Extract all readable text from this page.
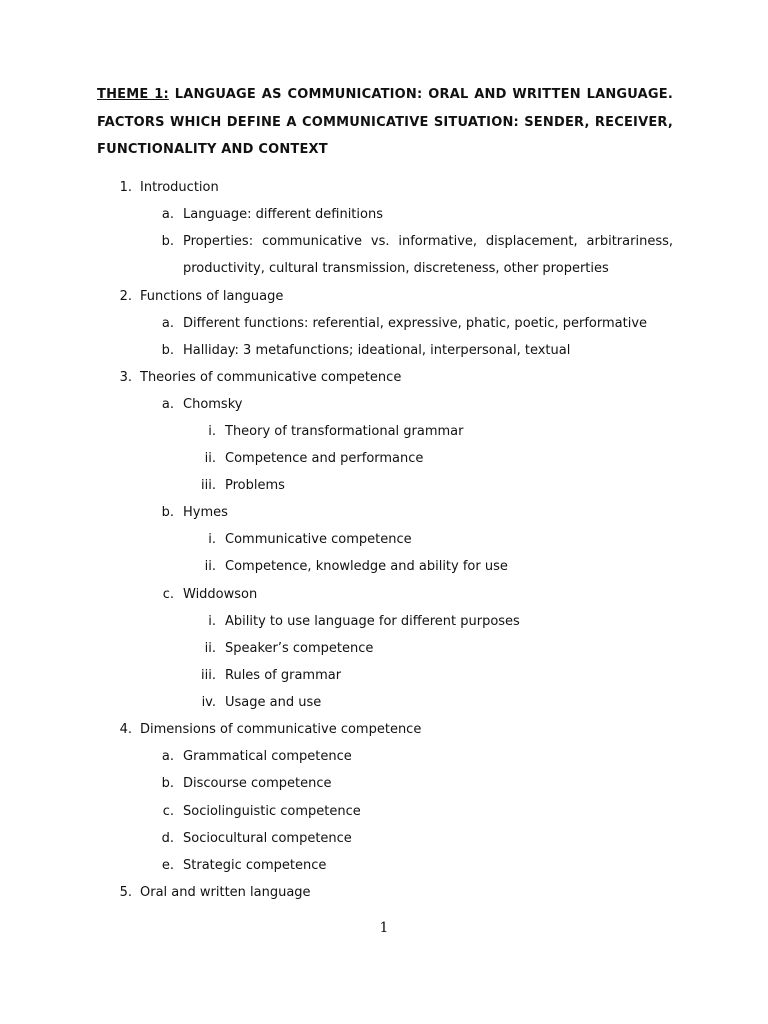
THEME 1: LANGUAGE AS COMMUNICATION: ORAL AND WRITTEN LANGUAGE.
FACTORS WHICH DEFINE A COMMUNICATIVE SITUATION: SENDER, RECEIVER,
FUNCTIONALITY AND CONTEXT
1. Introduction
a. Language: different definitions
b. Properties: communicative vs. informative, displacement, arbitrariness,
productivity, cultural transmission, discreteness, other properties
2. Functions of language
a. Different functions: referential, expressive, phatic, poetic, performative
b. Halliday: 3 metafunctions; ideational, interpersonal, textual
3. Theories of communicative competence
a. Chomsky
i. Theory of transformational grammar
ii. Competence and performance
iii. Problems
b. Hymes
i. Communicative competence
ii. Competence, knowledge and ability for use
c. Widdowson
i. Ability to use language for different purposes
ii. Speaker’s competence
iii. Rules of grammar
iv. Usage and use
4. Dimensions of communicative competence
a. Grammatical competence
b. Discourse competence
c. Sociolinguistic competence
d. Sociocultural competence
e. Strategic competence
5. Oral and written language
1
